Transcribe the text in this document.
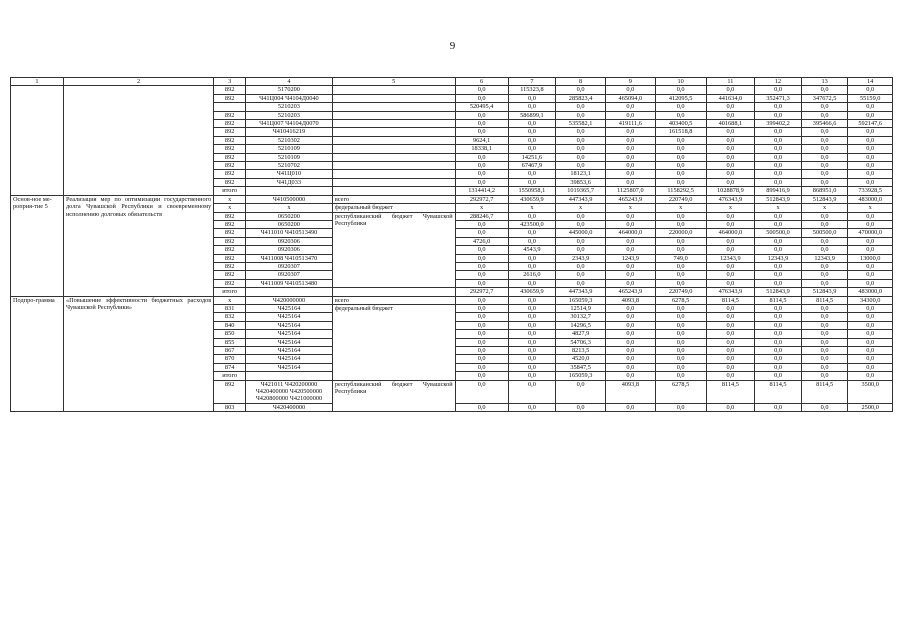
9
1	2	3	4	5	6	7	8	9	10	11	12	13	14
		892	5170200		0,0	115323,8	0,0	0,0	0,0	0,0	0,0	0,0	0,0
		892	Ч41Ц004 Ч4104Д0040		0,0	0,0	285823,4	465094,0	412095,5	441634,0	352471,3	347672,5	55159,0
			5210203		520495,4	0,0	0,0	0,0	0,0	0,0	0,0	0,0	0,0
		892	5210203		0,0	586899,1	0,0	0,0	0,0	0,0	0,0	0,0	0,0
		892	Ч41Ц007 Ч4104Д0070		0,0	0,0	535582,1	419111,6	403400,5	401688,1	399402,2	395466,6	592147,6
		892	Ч410416219		0,0	0,0	0,0	0,0	161518,8	0,0	0,0	0,0	0,0
		892	5210302		9624,1	0,0	0,0	0,0	0,0	0,0	0,0	0,0	0,0
		892	5210109		18338,1	0,0	0,0	0,0	0,0	0,0	0,0	0,0	0,0
		892	5210109		0,0	14251,6	0,0	0,0	0,0	0,0	0,0	0,0	0,0
		892	5210702		0,0	67467,9	0,0	0,0	0,0	0,0	0,0	0,0	0,0
		892	Ч41Ц010		0,0	0,0	18123,1	0,0	0,0	0,0	0,0	0,0	0,0
		892	Ч41Д033		0,0	0,0	39853,6	0,0	0,0	0,0	0,0	0,0	0,0
		итого			1314414,2	1550958,1	1019365,7	1125807,0	1158292,5	1028878,9	899416,9	868951,0	733928,5
Основ-ное ме-роприя-тие 5	Реализация мер по оптимизации государственного долга Чувашской Республики и своевременному исполнению долговых обязательств	x	Ч410500000	всего	292972,7	430659,9	447343,9	465243,9	220749,0	476343,9	512843,9	512843,9	483000,0
		x	x	федеральный бюджет	x	x	x	x	x	x	x	x	x
		892	0650200	республиканский бюджет Чувашской Республики	288246,7	0,0	0,0	0,0	0,0	0,0	0,0	0,0	0,0
		892	0650200		0,0	423500,0	0,0	0,0	0,0	0,0	0,0	0,0	0,0
		892	Ч411010 Ч410513490		0,0	0,0	445000,0	464000,0	220000,0	464000,0	500500,0	500500,0	470000,0
		892	0920306		4726,0	0,0	0,0	0,0	0,0	0,0	0,0	0,0	0,0
		892	0920306		0,0	4543,9	0,0	0,0	0,0	0,0	0,0	0,0	0,0
		892	Ч411008 Ч410513470		0,0	0,0	2343,9	1243,9	749,0	12343,9	12343,9	12343,9	13000,0
		892	0920307		0,0	0,0	0,0	0,0	0,0	0,0	0,0	0,0	0,0
		892	0920307		0,0	2616,0	0,0	0,0	0,0	0,0	0,0	0,0	0,0
		892	Ч411009 Ч410513480		0,0	0,0	0,0	0,0	0,0	0,0	0,0	0,0	0,0
		итого			292972,7	430659,9	447343,9	465243,9	220749,0	476343,9	512843,9	512843,9	483000,0
Подпро-грамма	«Повышение эффективности бюджетных расходов Чувашской Республики»	x	Ч420000000	всего	0,0	0,0	165059,3	4093,8	6278,5	8114,5	8114,5	8114,5	34300,0
		831	Ч425164	федеральный бюджет	0,0	0,0	12514,9	0,0	0,0	0,0	0,0	0,0	0,0
		832	Ч425164		0,0	0,0	30132,7	0,0	0,0	0,0	0,0	0,0	0,0
		840	Ч425164		0,0	0,0	14296,5	0,0	0,0	0,0	0,0	0,0	0,0
		850	Ч425164		0,0	0,0	4827,9	0,0	0,0	0,0	0,0	0,0	0,0
		855	Ч425164		0,0	0,0	54706,3	0,0	0,0	0,0	0,0	0,0	0,0
		867	Ч425164		0,0	0,0	8213,5	0,0	0,0	0,0	0,0	0,0	0,0
		870	Ч425164		0,0	0,0	4520,0	0,0	0,0	0,0	0,0	0,0	0,0
		874	Ч425164		0,0	0,0	35847,5	0,0	0,0	0,0	0,0	0,0	0,0
		итого			0,0	0,0	165059,3	0,0	0,0	0,0	0,0	0,0	0,0
		892	Ч421011 Ч420200000 Ч420400000 Ч420500000 Ч420800000 Ч421000000	республиканский бюджет Чувашской Республики	0,0	0,0	0,0	4093,8	6278,5	8114,5	8114,5	8114,5	3500,0
		803	Ч420400000		0,0	0,0	0,0	0,0	0,0	0,0	0,0	0,0	2500,0
